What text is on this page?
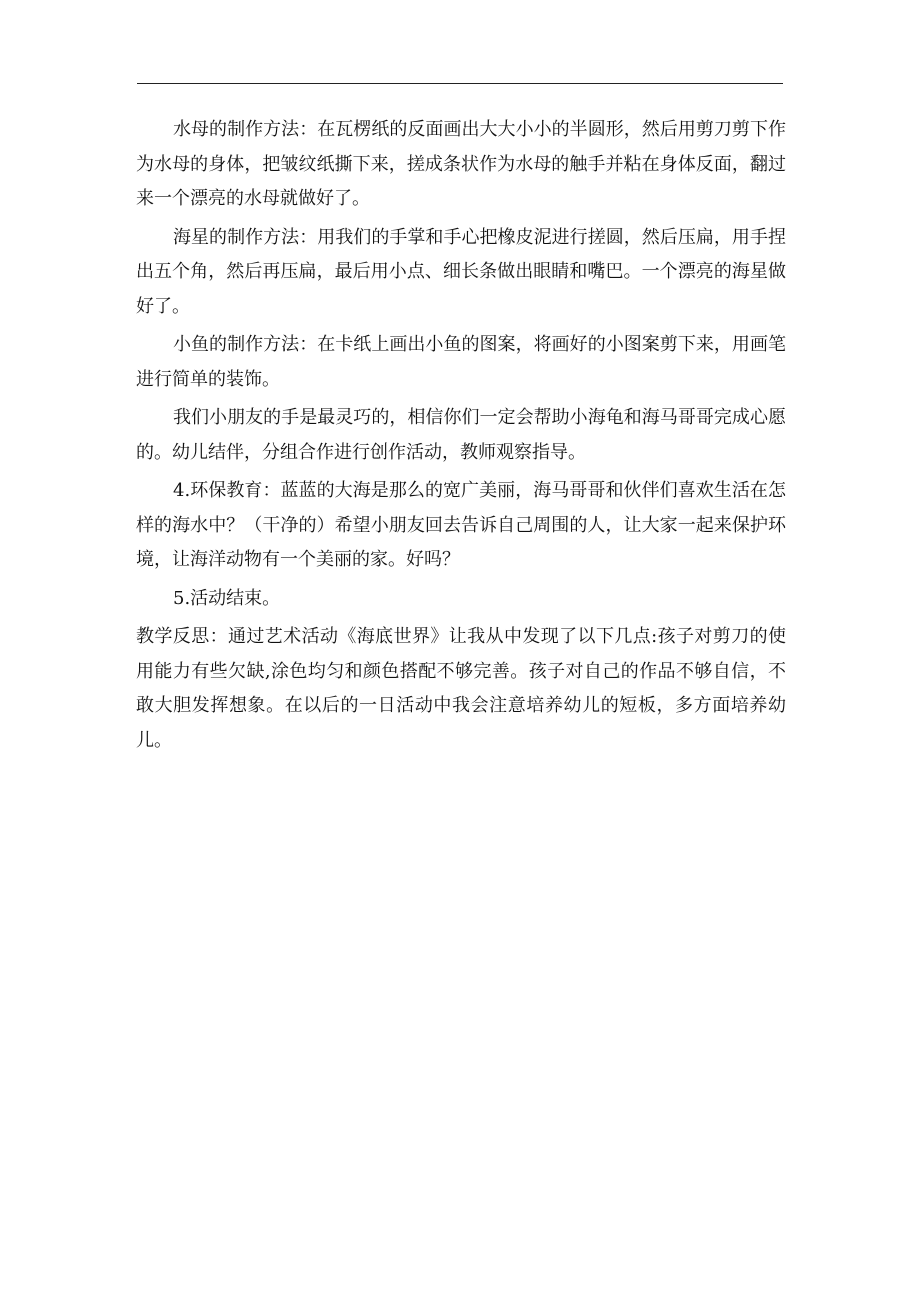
水母的制作方法：在瓦楞纸的反面画出大大小小的半圆形，然后用剪刀剪下作为水母的身体，把皱纹纸撕下来，搓成条状作为水母的触手并粘在身体反面，翻过来一个漂亮的水母就做好了。

海星的制作方法：用我们的手掌和手心把橡皮泥进行搓圆，然后压扁，用手捏出五个角，然后再压扁，最后用小点、细长条做出眼睛和嘴巴。一个漂亮的海星做好了。

小鱼的制作方法：在卡纸上画出小鱼的图案，将画好的小图案剪下来，用画笔进行简单的装饰。

我们小朋友的手是最灵巧的，相信你们一定会帮助小海龟和海马哥哥完成心愿的。幼儿结伴，分组合作进行创作活动，教师观察指导。

4.环保教育：蓝蓝的大海是那么的宽广美丽，海马哥哥和伙伴们喜欢生活在怎样的海水中？（干净的）希望小朋友回去告诉自己周围的人，让大家一起来保护环境，让海洋动物有一个美丽的家。好吗？

5.活动结束。

教学反思：通过艺术活动《海底世界》让我从中发现了以下几点:孩子对剪刀的使用能力有些欠缺,涂色均匀和颜色搭配不够完善。孩子对自己的作品不够自信，不敢大胆发挥想象。在以后的一日活动中我会注意培养幼儿的短板，多方面培养幼儿。
